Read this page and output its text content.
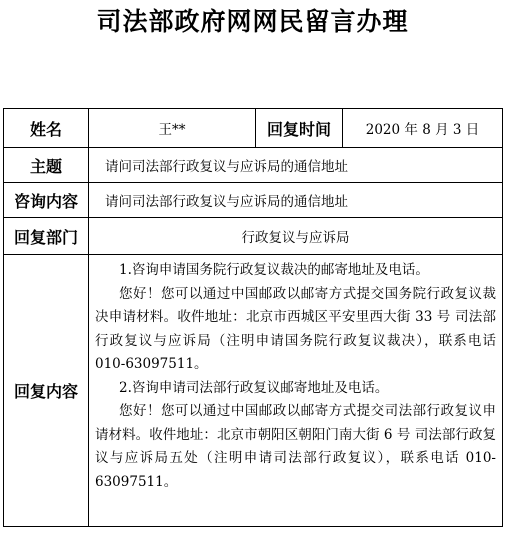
司法部政府网网民留言办理
姓名	王**	回复时间	2020 年 8 月 3 日
主题	请问司法部行政复议与应诉局的通信地址		
咨询内容	请问司法部行政复议与应诉局的通信地址		
回复部门	行政复议与应诉局		
回复内容	1.咨询申请国务院行政复议裁决的邮寄地址及电话。

您好！您可以通过中国邮政以邮寄方式提交国务院行政复议裁决申请材料。收件地址：北京市西城区平安里西大街 33 号 司法部行政复议与应诉局（注明申请国务院行政复议裁决），联系电话 010-63097511。

2.咨询申请司法部行政复议邮寄地址及电话。

您好！您可以通过中国邮政以邮寄方式提交司法部行政复议申请材料。收件地址：北京市朝阳区朝阳门南大街 6 号 司法部行政复议与应诉局五处（注明申请司法部行政复议），联系电话 010-63097511。		
